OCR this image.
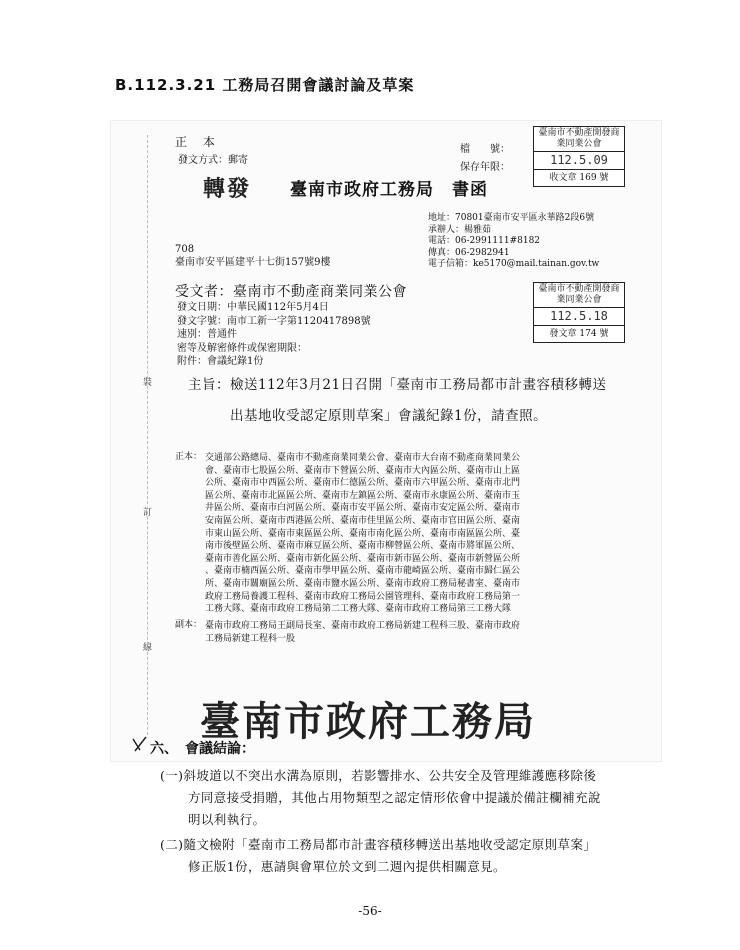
B.112.3.21 工務局召開會議討論及草案
正 本
發文方式：郵寄
轉發 臺南市政府工務局　書函
檔　　號：
保存年限：
臺南市不動產開發商業同業公會
112.5.09
收文章 169 號
地址：70801臺南市安平區永華路2段6號
承辦人：楊雅茹
電話：06-2991111#8182
傳真：06-2982941
電子信箱：ke5170@mail.tainan.gov.tw
708
臺南市安平區建平十七街157號9樓
受文者：臺南市不動產商業同業公會
發文日期：中華民國112年5月4日
發文字號：南市工新一字第1120417898號
速別：普通件
密等及解密條件或保密期限：
附件：會議紀錄1份
臺南市不動產開發商業同業公會
112.5.18
發文章 174 號
裝
訂
線
主旨：檢送112年3月21日召開「臺南市工務局都市計畫容積移轉送
出基地收受認定原則草案」會議紀錄1份，請查照。
正本： 交通部公路總局、臺南市不動產商業同業公會、臺南市大台南不動產商業同業公
會、臺南市七股區公所、臺南市下營區公所、臺南市大內區公所、臺南市山上區
公所、臺南市中西區公所、臺南市仁德區公所、臺南市六甲區公所、臺南市北門
區公所、臺南市北區區公所、臺南市左鎮區公所、臺南市永康區公所、臺南市玉
井區公所、臺南市白河區公所、臺南市安平區公所、臺南市安定區公所、臺南市
安南區公所、臺南市西港區公所、臺南市佳里區公所、臺南市官田區公所、臺南
市東山區公所、臺南市東區區公所、臺南市南化區公所、臺南市南區區公所、臺
南市後壁區公所、臺南市麻豆區公所、臺南市柳營區公所、臺南市將軍區公所、
臺南市善化區公所、臺南市新化區公所、臺南市新市區公所、臺南市新營區公所
、臺南市楠西區公所、臺南市學甲區公所、臺南市龍崎區公所、臺南市歸仁區公
所、臺南市關廟區公所、臺南市鹽水區公所、臺南市政府工務局秘書室、臺南市
政府工務局養護工程科、臺南市政府工務局公園管理科、臺南市政府工務局第一
工務大隊、臺南市政府工務局第二工務大隊、臺南市政府工務局第三工務大隊
副本： 臺南市政府工務局王副局長室、臺南市政府工務局新建工程科三股、臺南市政府
工務局新建工程科一股
臺南市政府工務局
六、　會議結論：
(一)斜坡道以不突出水溝為原則，若影響排水、公共安全及管理維護應移除後
方同意接受捐贈，其他占用物類型之認定情形依會中提議於備註欄補充說
明以利執行。
(二)隨文檢附「臺南市工務局都市計畫容積移轉送出基地收受認定原則草案」
修正版1份，惠請與會單位於文到二週內提供相關意見。
-56-
